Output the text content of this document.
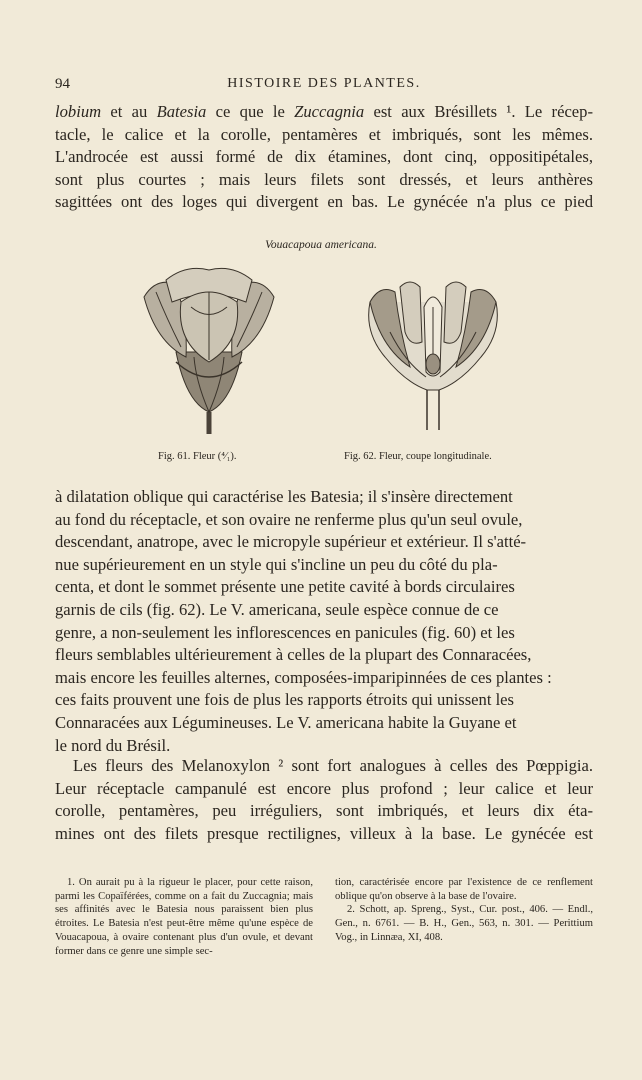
94	HISTOIRE DES PLANTES.
lobium et au Batesia ce que le Zuccagnia est aux Brésillets ¹. Le récep-
tacle, le calice et la corolle, pentamères et imbriqués, sont les mêmes.
L'androcée est aussi formé de dix étamines, dont cinq, oppositipétales,
sont plus courtes ; mais leurs filets sont dressés, et leurs anthères
sagittées ont des loges qui divergent en bas. Le gynécée n'a plus ce pied
Vouacapoua americana.
Fig. 61. Fleur (⁴⁄₁).	Fig. 62. Fleur, coupe longitudinale.
à dilatation oblique qui caractérise les Batesia; il s'insère directement
au fond du réceptacle, et son ovaire ne renferme plus qu'un seul ovule,
descendant, anatrope, avec le micropyle supérieur et extérieur. Il s'atté-
nue supérieurement en un style qui s'incline un peu du côté du pla-
centa, et dont le sommet présente une petite cavité à bords circulaires
garnis de cils (fig. 62). Le V. americana, seule espèce connue de ce
genre, a non-seulement les inflorescences en panicules (fig. 60) et les
fleurs semblables ultérieurement à celles de la plupart des Connaracées,
mais encore les feuilles alternes, composées-imparipinnées de ces plantes :
ces faits prouvent une fois de plus les rapports étroits qui unissent les
Connaracées aux Légumineuses. Le V. americana habite la Guyane et
le nord du Brésil.
Les fleurs des Melanoxylon ² sont fort analogues à celles des Pœppigia.
Leur réceptacle campanulé est encore plus profond ; leur calice et leur
corolle, pentamères, peu irréguliers, sont imbriqués, et leurs dix éta-
mines ont des filets presque rectilignes, villeux à la base. Le gynécée est

1. On aurait pu à la rigueur le placer, pour cette raison, parmi les Copaïférées, comme on a fait du Zuccagnia; mais ses affinités avec le Batesia nous paraissent bien plus étroites. Le Batesia n'est peut-être même qu'une espèce de Vouacapoua, à ovaire contenant plus d'un ovule, et devant former dans ce genre une simple sec-

tion, caractérisée encore par l'existence de ce renflement oblique qu'on observe à la base de l'ovaire.

2. Schott, ap. Spreng., Syst., Cur. post., 406. — Endl., Gen., n. 6761. — B. H., Gen., 563, n. 301. — Perittium Vog., in Linnæa, XI, 408.
